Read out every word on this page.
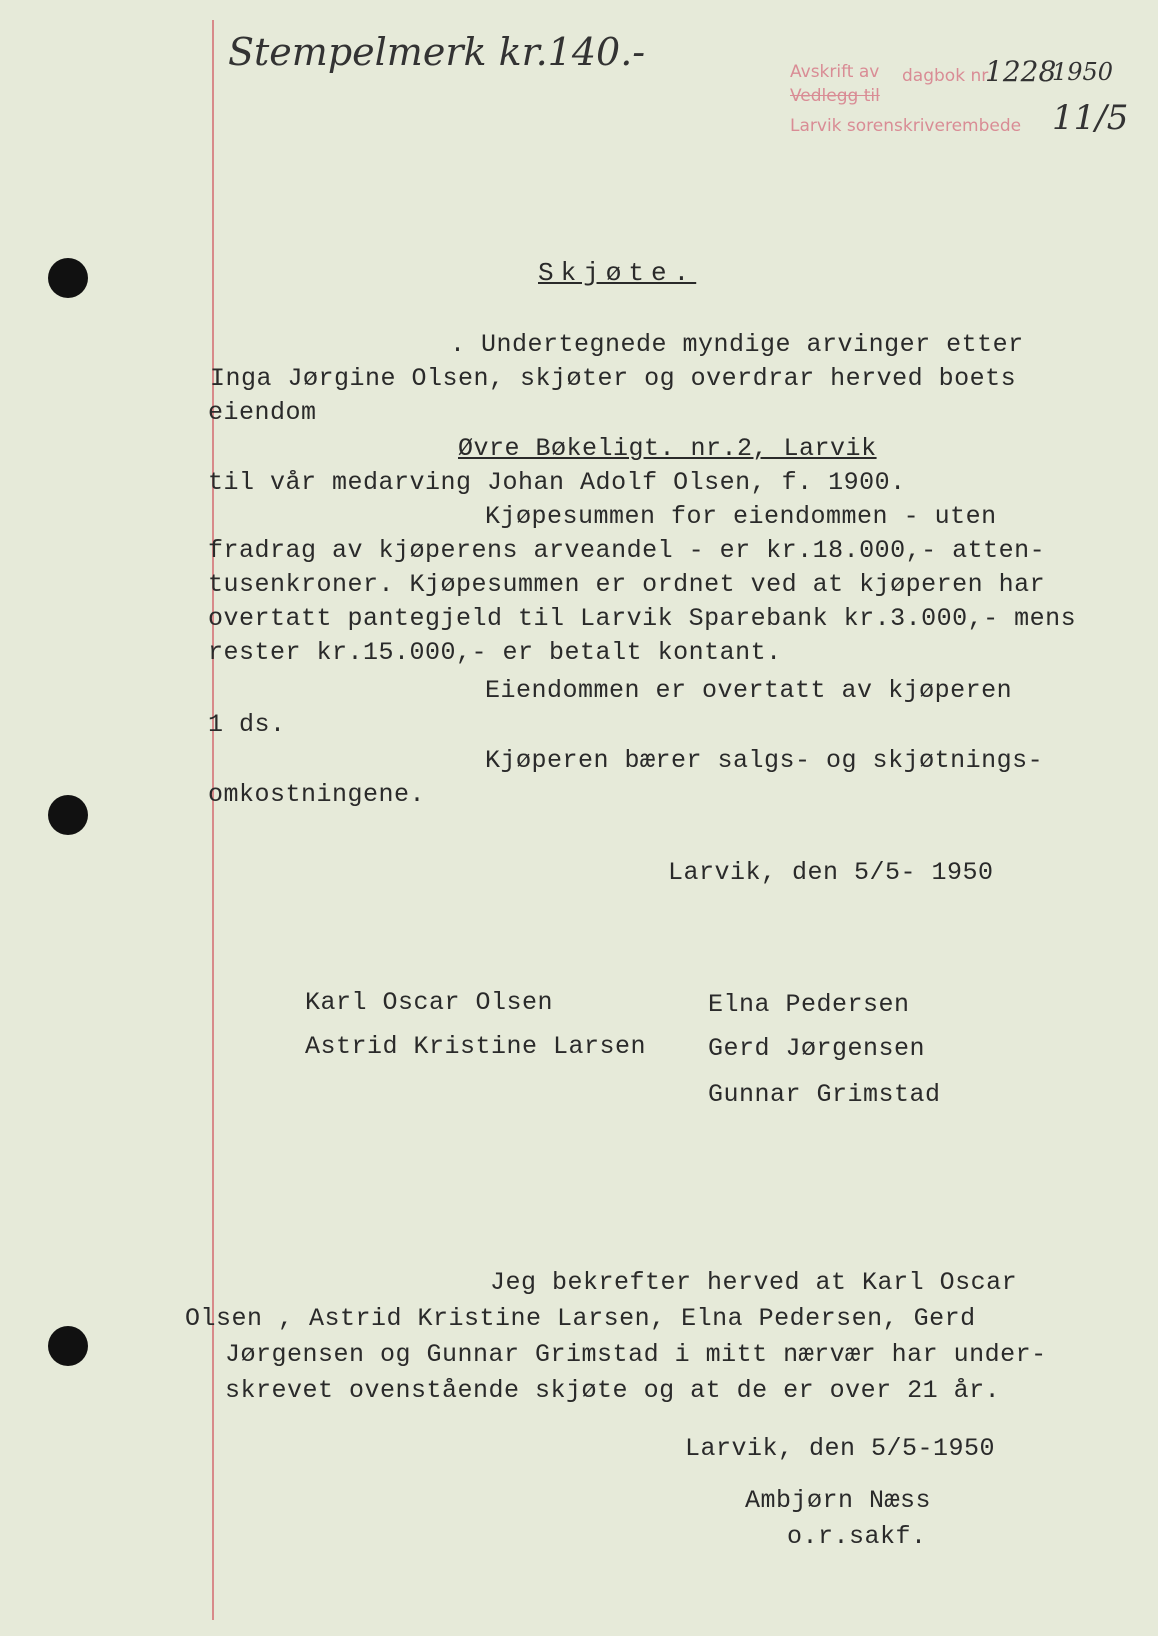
Stempelmerk kr.140.-	Avskrift av dagbok nr.
1228
1950
Vedlegg til
Larvik sorenskriverembede 11/5
Skjøte.
. Undertegnede myndige arvinger etter
Inga Jørgine Olsen, skjøter og overdrar herved boets
eiendom
Øvre Bøkeligt. nr.2, Larvik
til vår medarving Johan Adolf Olsen, f. 1900.
Kjøpesummen for eiendommen - uten
fradrag av kjøperens arveandel - er kr.18.000,- atten-
tusenkroner. Kjøpesummen er ordnet ved at kjøperen har
overtatt pantegjeld til Larvik Sparebank kr.3.000,- mens
rester kr.15.000,- er betalt kontant.
Eiendommen er overtatt av kjøperen
1 ds.
Kjøperen bærer salgs- og skjøtnings-
omkostningene.
Larvik, den 5/5- 1950
Karl Oscar Olsen
Astrid Kristine Larsen
Elna Pedersen
Gerd Jørgensen
Gunnar Grimstad
Jeg bekrefter herved at Karl Oscar
Olsen , Astrid Kristine Larsen, Elna Pedersen, Gerd
Jørgensen og Gunnar Grimstad i mitt nærvær har under-
skrevet ovenstående skjøte og at de er over 21 år.
Larvik, den 5/5-1950
Ambjørn Næss
o.r.sakf.
